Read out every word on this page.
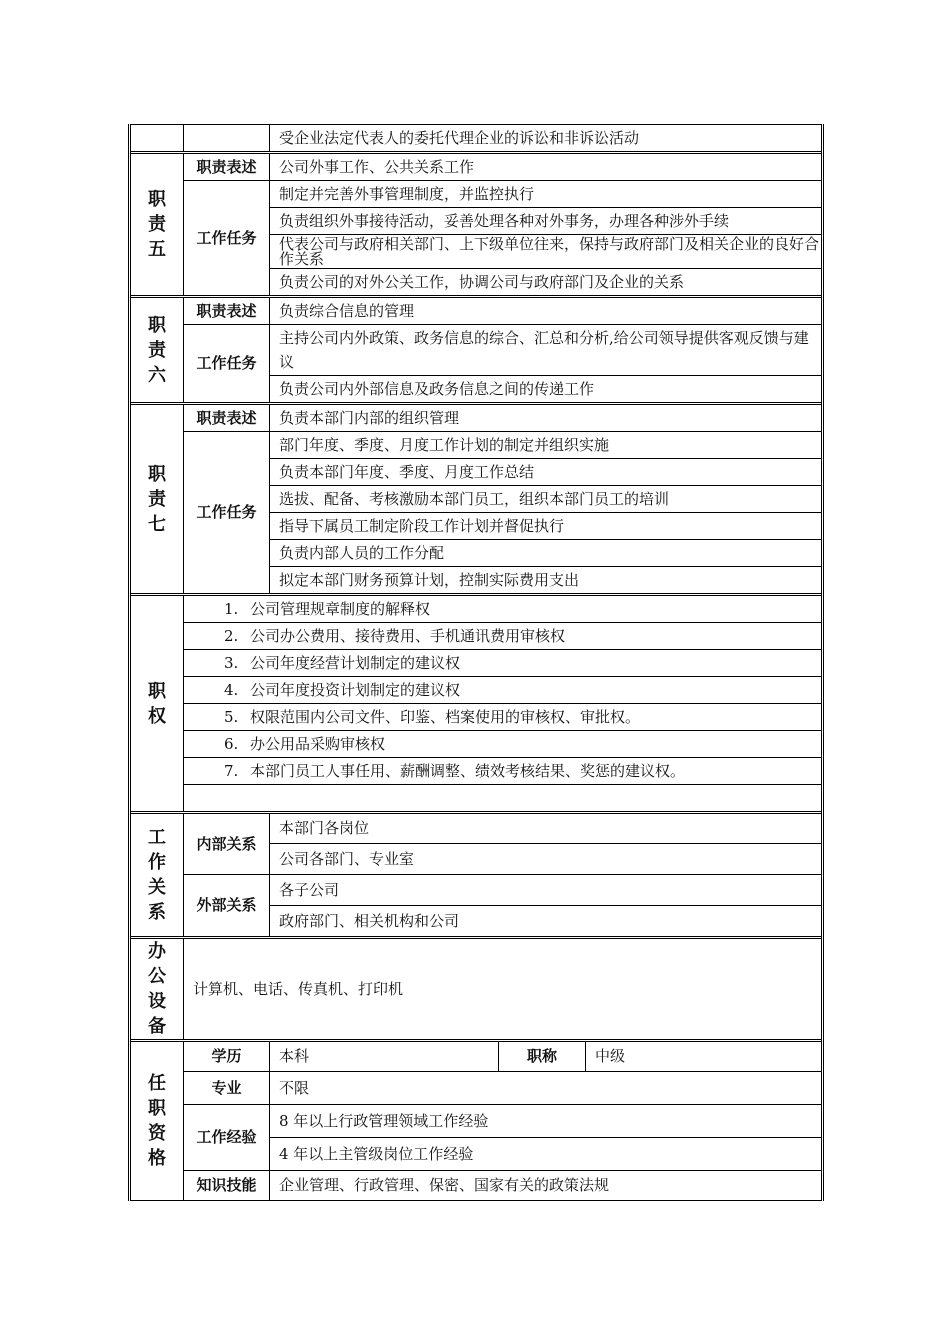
		受企业法定代表人的委托代理企业的诉讼和非诉讼活动		
职责五	职责表述	公司外事工作、公共关系工作		
	工作任务	制定并完善外事管理制度，并监控执行		
		负责组织外事接待活动，妥善处理各种对外事务，办理各种涉外手续		
		代表公司与政府相关部门、上下级单位往来，保持与政府部门及相关企业的良好合作关系		
		负责公司的对外公关工作，协调公司与政府部门及企业的关系		
职责六	职责表述	负责综合信息的管理		
	工作任务	主持公司内外政策、政务信息的综合、汇总和分析,给公司领导提供客观反馈与建议		
		负责公司内外部信息及政务信息之间的传递工作		
职责七	职责表述	负责本部门内部的组织管理		
	工作任务	部门年度、季度、月度工作计划的制定并组织实施		
		负责本部门年度、季度、月度工作总结		
		选拔、配备、考核激励本部门员工，组织本部门员工的培训		
		指导下属员工制定阶段工作计划并督促执行		
		负责内部人员的工作分配		
		拟定本部门财务预算计划，控制实际费用支出		
职权	1. 公司管理规章制度的解释权			
	2. 公司办公费用、接待费用、手机通讯费用审核权			
	3. 公司年度经营计划制定的建议权			
	4. 公司年度投资计划制定的建议权			
	5. 权限范围内公司文件、印鉴、档案使用的审核权、审批权。			
	6. 办公用品采购审核权			
	7. 本部门员工人事任用、薪酬调整、绩效考核结果、奖惩的建议权。			

工作关系	内部关系	本部门各岗位		
		公司各部门、专业室		
	外部关系	各子公司		
		政府部门、相关机构和公司		
办公设备	计算机、电话、传真机、打印机			
任职资格	学历	本科	职称	中级
	专业	不限		
	工作经验	8 年以上行政管理领域工作经验		
		4 年以上主管级岗位工作经验		
	知识技能	企业管理、行政管理、保密、国家有关的政策法规		
